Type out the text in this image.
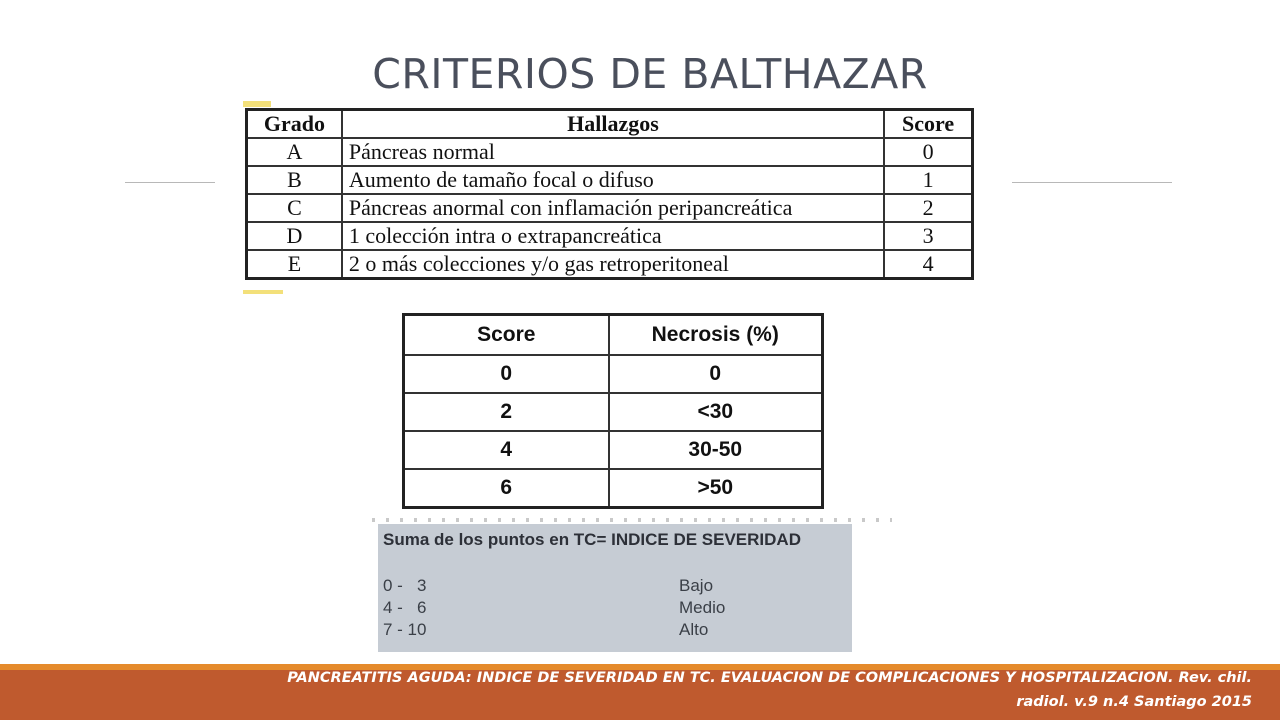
CRITERIOS DE BALTHAZAR
Grado	Hallazgos	Score
A	Páncreas normal	0
B	Aumento de tamaño focal o difuso	1
C	Páncreas anormal con inflamación peripancreática	2
D	1 colección intra o extrapancreática	3
E	2 o más colecciones y/o gas retroperitoneal	4
Score	Necrosis (%)
0	0
2	<30
4	30-50
6	>50
Suma de los puntos en TC= INDICE DE SEVERIDAD
0 -   3	Bajo
4 -   6	Medio
7 - 10	Alto
PANCREATITIS AGUDA: INDICE DE SEVERIDAD EN TC. EVALUACION DE COMPLICACIONES Y HOSPITALIZACION. Rev. chil.
radiol. v.9 n.4 Santiago 2015
